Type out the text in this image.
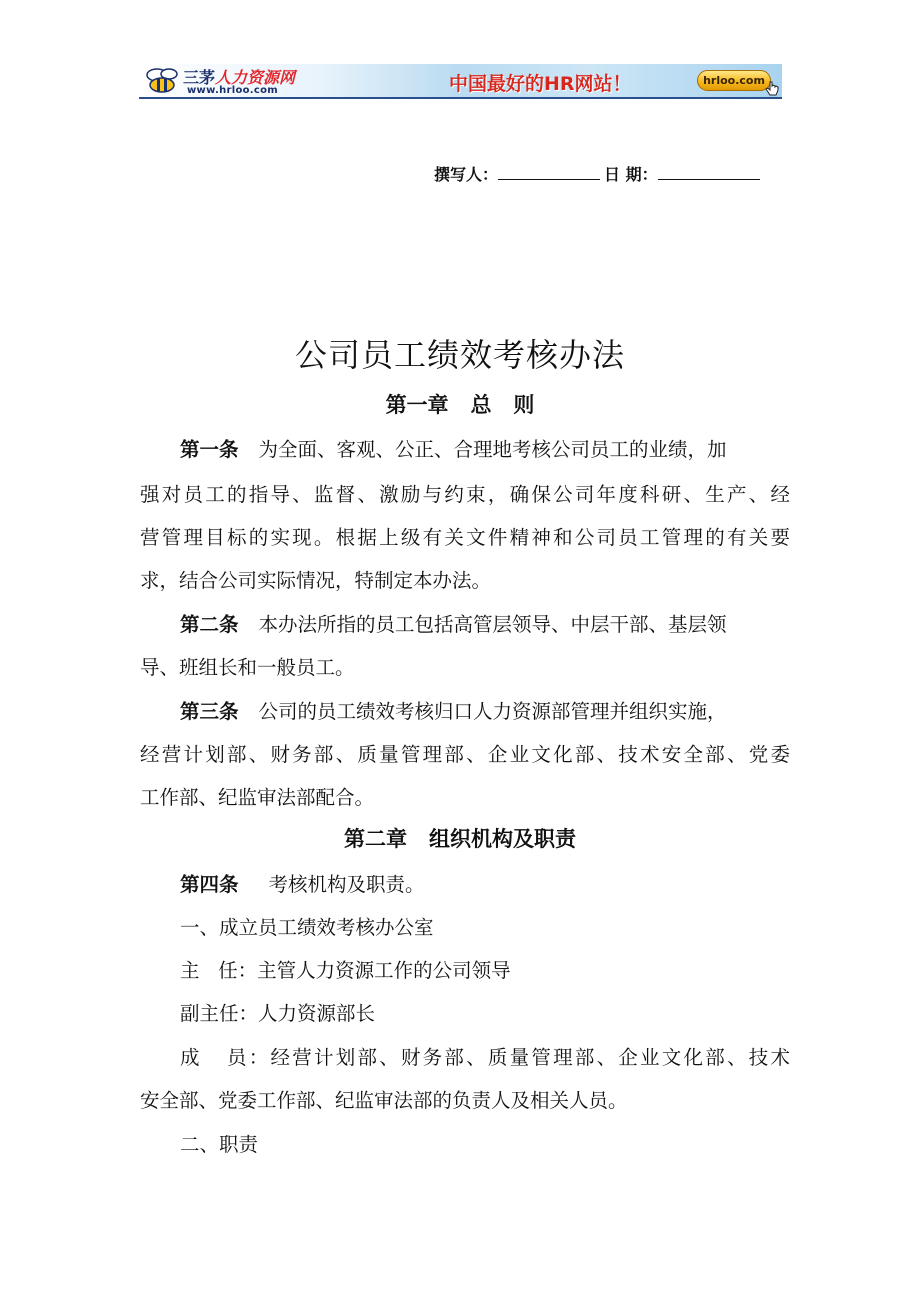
三茅人力资源网
www.hrloo.com	中国最好的HR网站！	hrloo.com
撰写人：	日 期：
公司员工绩效考核办法
第一章   总   则
第一条 为全面、客观、公正、合理地考核公司员工的业绩，加
强对员工的指导、监督、激励与约束，确保公司年度科研、生产、经
营管理目标的实现。根据上级有关文件精神和公司员工管理的有关要
求，结合公司实际情况，特制定本办法。
第二条 本办法所指的员工包括高管层领导、中层干部、基层领
导、班组长和一般员工。
第三条 公司的员工绩效考核归口人力资源部管理并组织实施，
经营计划部、财务部、质量管理部、企业文化部、技术安全部、党委
工作部、纪监审法部配合。
第二章   组织机构及职责
第四条 考核机构及职责。
一、成立员工绩效考核办公室
主   任：主管人力资源工作的公司领导
副主任：人力资源部长
成   员：经营计划部、财务部、质量管理部、企业文化部、技术
安全部、党委工作部、纪监审法部的负责人及相关人员。
二、职责
